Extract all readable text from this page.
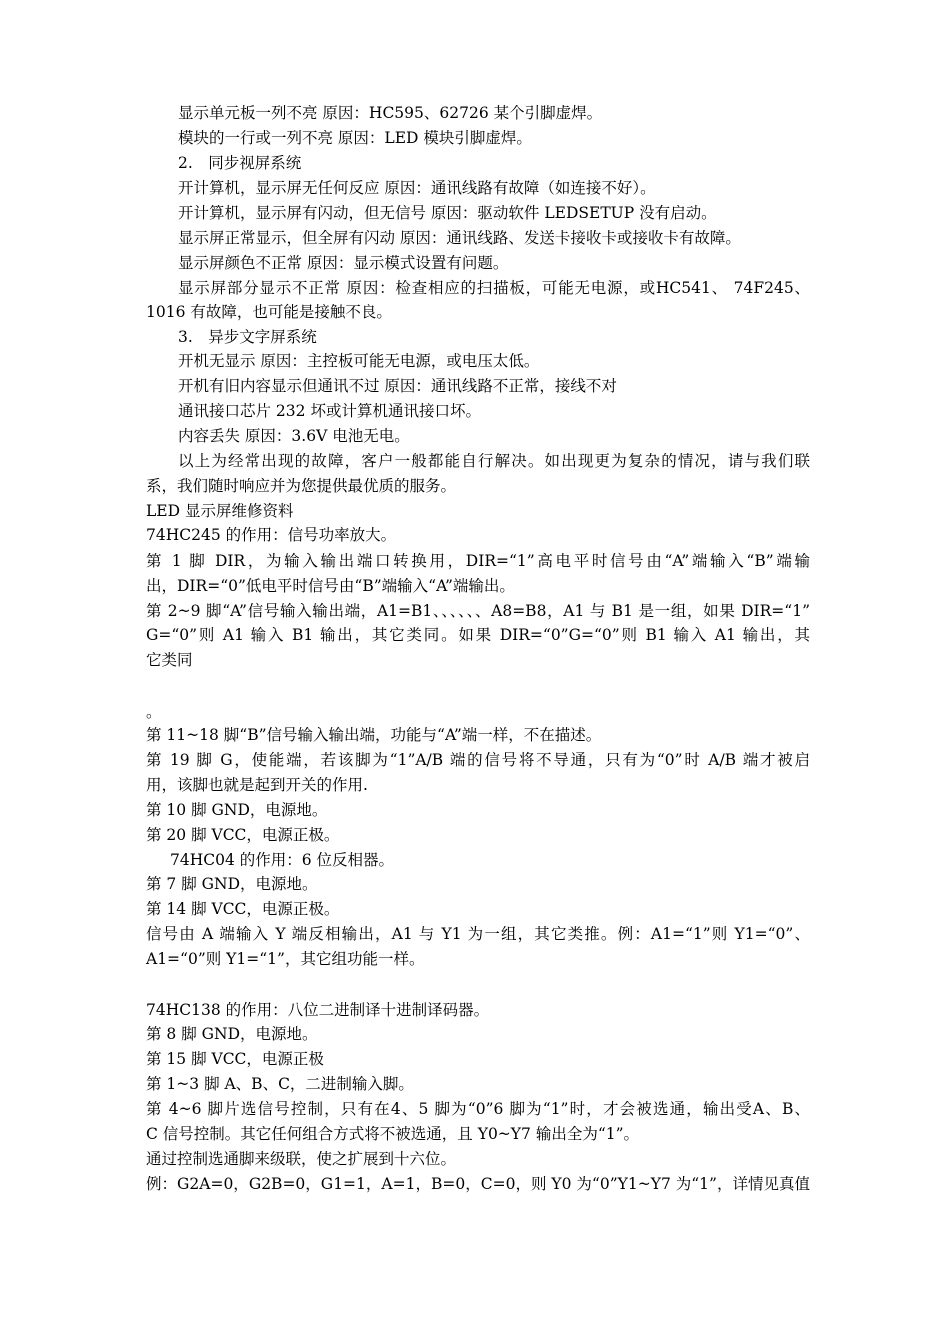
显示单元板一列不亮 原因：HC595、62726 某个引脚虚焊。
模块的一行或一列不亮 原因：LED 模块引脚虚焊。
2.　同步视屏系统
开计算机，显示屏无任何反应 原因：通讯线路有故障（如连接不好）。
开计算机，显示屏有闪动，但无信号 原因：驱动软件 LEDSETUP 没有启动。
显示屏正常显示，但全屏有闪动 原因：通讯线路、发送卡接收卡或接收卡有故障。
显示屏颜色不正常 原因：显示模式设置有问题。
显示屏部分显示不正常 原因：检查相应的扫描板，可能无电源，或HC541、 74F245、
1016 有故障，也可能是接触不良。
3.　异步文字屏系统
开机无显示 原因：主控板可能无电源，或电压太低。
开机有旧内容显示但通讯不过 原因：通讯线路不正常，接线不对
通讯接口芯片 232 坏或计算机通讯接口坏。
内容丢失 原因：3.6V 电池无电。
以上为经常出现的故障，客户一般都能自行解决。如出现更为复杂的情况，请与我们联
系，我们随时响应并为您提供最优质的服务。
LED 显示屏维修资料
74HC245 的作用：信号功率放大。
第 1 脚 DIR，为输入输出端口转换用，DIR=“1”高电平时信号由“A”端输入“B”端输
出，DIR=“0”低电平时信号由“B”端输入“A”端输出。
第 2~9 脚“A”信号输入输出端，A1=B1、、、、、、A8=B8，A1 与 B1 是一组，如果 DIR=“1”
G=“0”则 A1 输入 B1 输出，其它类同。如果 DIR=“0”G=“0”则 B1 输入 A1 输出，其
它类同
。
第 11~18 脚“B”信号输入输出端，功能与“A”端一样，不在描述。
第 19 脚 G，使能端，若该脚为“1”A/B 端的信号将不导通，只有为“0”时 A/B 端才被启
用，该脚也就是起到开关的作用.
第 10 脚 GND，电源地。
第 20 脚 VCC，电源正极。
74HC04 的作用：6 位反相器。
第 7 脚 GND，电源地。
第 14 脚 VCC，电源正极。
信号由 A 端输入 Y 端反相输出，A1 与 Y1 为一组，其它类推。例：A1=“1”则 Y1=“0”、
A1=“0”则 Y1=“1”，其它组功能一样。
74HC138 的作用：八位二进制译十进制译码器。
第 8 脚 GND，电源地。
第 15 脚 VCC，电源正极
第 1~3 脚 A、B、C，二进制输入脚。
第 4~6 脚片选信号控制，只有在4、5 脚为“0”6 脚为“1”时，才会被选通，输出受A、B、
C 信号控制。其它任何组合方式将不被选通，且 Y0~Y7 输出全为“1”。
通过控制选通脚来级联，使之扩展到十六位。
例：G2A=0，G2B=0，G1=1，A=1，B=0，C=0，则 Y0 为“0”Y1~Y7 为“1”，详情见真值
